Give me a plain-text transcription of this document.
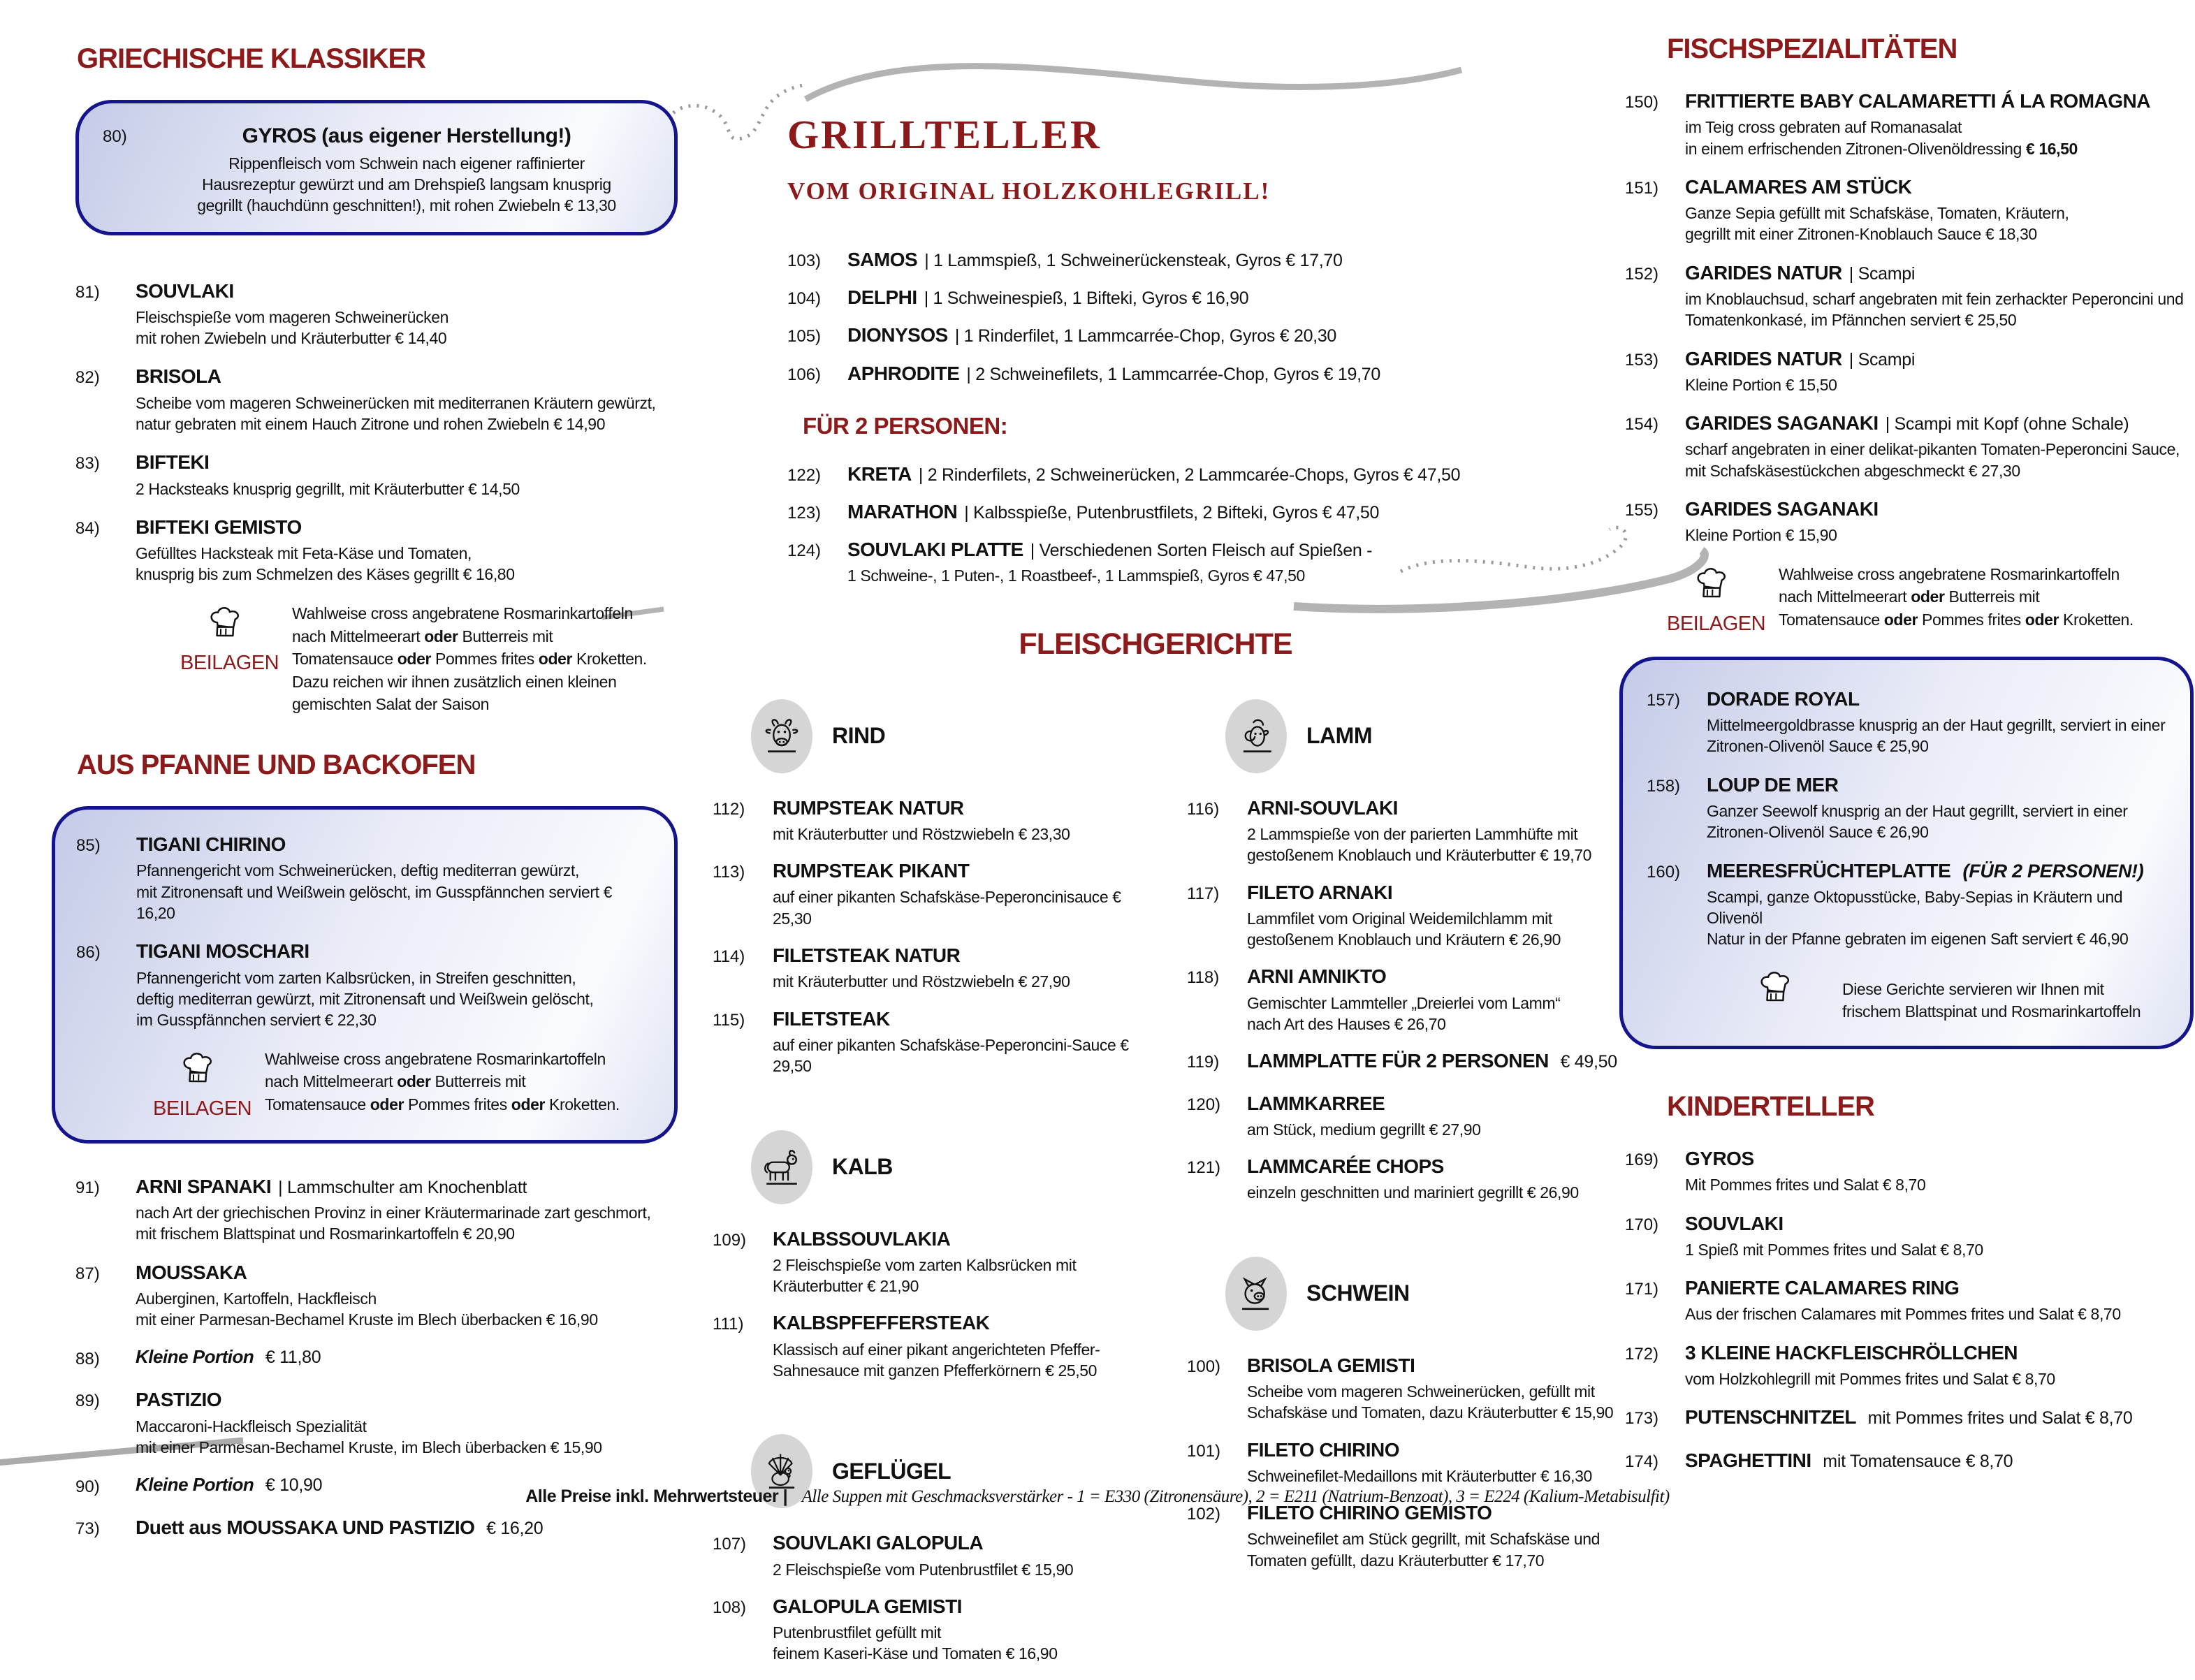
GRIECHISCHE KLASSIKER
80)	GYROS (aus eigener Herstellung!)
Rippenfleisch vom Schwein nach eigener raffinierter
Hausrezeptur gewürzt und am Drehspieß langsam knusprig
gegrillt (hauchdünn geschnitten!), mit rohen Zwiebeln € 13,30
81)	SOUVLAKI
Fleischspieße vom mageren Schweinerücken
mit rohen Zwiebeln und Kräuterbutter € 14,40
82)	BRISOLA
Scheibe vom mageren Schweinerücken mit mediterranen Kräutern gewürzt,
natur gebraten mit einem Hauch Zitrone und rohen Zwiebeln € 14,90
83)	BIFTEKI
2 Hacksteaks knusprig gegrillt, mit Kräuterbutter € 14,50
84)	BIFTEKI GEMISTO
Gefülltes Hacksteak mit Feta-Käse und Tomaten,
knusprig bis zum Schmelzen des Käses gegrillt € 16,80
BEILAGEN
Wahlweise cross angebratene Rosmarinkartoffeln
nach Mittelmeerart oder Butterreis mit
Tomatensauce oder Pommes frites oder Kroketten.
Dazu reichen wir ihnen zusätzlich einen kleinen
gemischten Salat der Saison
AUS PFANNE UND BACKOFEN
85)	TIGANI CHIRINO
Pfannengericht vom Schweinerücken, deftig mediterran gewürzt,
mit Zitronensaft und Weißwein gelöscht, im Gusspfännchen serviert € 16,20
86)	TIGANI MOSCHARI
Pfannengericht vom zarten Kalbsrücken, in Streifen geschnitten,
deftig mediterran gewürzt, mit Zitronensaft und Weißwein gelöscht,
im Gusspfännchen serviert € 22,30
BEILAGEN
Wahlweise cross angebratene Rosmarinkartoffeln
nach Mittelmeerart oder Butterreis mit
Tomatensauce oder Pommes frites oder Kroketten.
91)	ARNI SPANAKI | Lammschulter am Knochenblatt
nach Art der griechischen Provinz in einer Kräutermarinade zart geschmort,
mit frischem Blattspinat und Rosmarinkartoffeln € 20,90
87)	MOUSSAKA
Auberginen, Kartoffeln, Hackfleisch
mit einer Parmesan-Bechamel Kruste im Blech überbacken € 16,90
88)	Kleine Portion € 11,80
89)	PASTIZIO
Maccaroni-Hackfleisch Spezialität
mit einer Parmesan-Bechamel Kruste, im Blech überbacken € 15,90
90)	Kleine Portion € 10,90
73)	Duett aus MOUSSAKA UND PASTIZIO € 16,20
GRILLTELLER
VOM ORIGINAL HOLZKOHLEGRILL!
103)	SAMOS | 1 Lammspieß, 1 Schweinerückensteak, Gyros € 17,70
104)	DELPHI | 1 Schweinespieß, 1 Bifteki, Gyros € 16,90
105)	DIONYSOS | 1 Rinderfilet, 1 Lammcarrée-Chop, Gyros € 20,30
106)	APHRODITE | 2 Schweinefilets, 1 Lammcarrée-Chop, Gyros € 19,70
FÜR 2 PERSONEN:
122)	KRETA | 2 Rinderfilets, 2 Schweinerücken, 2 Lammcarée-Chops, Gyros € 47,50
123)	MARATHON | Kalbsspieße, Putenbrustfilets, 2 Bifteki, Gyros € 47,50
124)	SOUVLAKI PLATTE | Verschiedenen Sorten Fleisch auf Spießen -
1 Schweine-, 1 Puten-, 1 Roastbeef-, 1 Lammspieß, Gyros € 47,50
FLEISCHGERICHTE
RIND
112)	RUMPSTEAK NATUR
mit Kräuterbutter und Röstzwiebeln € 23,30
113)	RUMPSTEAK PIKANT
auf einer pikanten Schafskäse-Peperoncinisauce € 25,30
114)	FILETSTEAK NATUR
mit Kräuterbutter und Röstzwiebeln € 27,90
115)	FILETSTEAK
auf einer pikanten Schafskäse-Peperoncini-Sauce € 29,50
KALB
109)	KALBSSOUVLAKIA
2 Fleischspieße vom zarten Kalbsrücken mit
Kräuterbutter € 21,90
111)	KALBSPFEFFERSTEAK
Klassisch auf einer pikant angerichteten Pfeffer-
Sahnesauce mit ganzen Pfefferkörnern € 25,50
GEFLÜGEL
107)	SOUVLAKI GALOPULA
2 Fleischspieße vom Putenbrustfilet € 15,90
108)	GALOPULA GEMISTI
Putenbrustfilet gefüllt mit
feinem Kaseri-Käse und Tomaten € 16,90
LAMM
116)	ARNI-SOUVLAKI
2 Lammspieße von der parierten Lammhüfte mit
gestoßenem Knoblauch und Kräuterbutter € 19,70
117)	FILETO ARNAKI
Lammfilet vom Original Weidemilchlamm mit
gestoßenem Knoblauch und Kräutern € 26,90
118)	ARNI AMNIKTO
Gemischter Lammteller „Dreierlei vom Lamm“
nach Art des Hauses € 26,70
119)	LAMMPLATTE FÜR 2 PERSONEN € 49,50
120)	LAMMKARREE
am Stück, medium gegrillt € 27,90
121)	LAMMCARÉE CHOPS
einzeln geschnitten und mariniert gegrillt € 26,90
SCHWEIN
100)	BRISOLA GEMISTI
Scheibe vom mageren Schweinerücken, gefüllt mit
Schafskäse und Tomaten, dazu Kräuterbutter € 15,90
101)	FILETO CHIRINO
Schweinefilet-Medaillons mit Kräuterbutter € 16,30
102)	FILETO CHIRINO GEMISTO
Schweinefilet am Stück gegrillt, mit Schafskäse und
Tomaten gefüllt, dazu Kräuterbutter € 17,70
FISCHSPEZIALITÄTEN
150)	FRITTIERTE BABY CALAMARETTI Á LA ROMAGNA
im Teig cross gebraten auf Romanasalat
in einem erfrischenden Zitronen-Olivenöldressing € 16,50
151)	CALAMARES AM STÜCK
Ganze Sepia gefüllt mit Schafskäse, Tomaten, Kräutern,
gegrillt mit einer Zitronen-Knoblauch Sauce € 18,30
152)	GARIDES NATUR | Scampi
im Knoblauchsud, scharf angebraten mit fein zerhackter Peperoncini und
Tomatenkonkasé, im Pfännchen serviert € 25,50
153)	GARIDES NATUR | Scampi
Kleine Portion € 15,50
154)	GARIDES SAGANAKI | Scampi mit Kopf (ohne Schale)
scharf angebraten in einer delikat-pikanten Tomaten-Peperoncini Sauce,
mit Schafskäsestückchen abgeschmeckt € 27,30
155)	GARIDES SAGANAKI
Kleine Portion € 15,90
BEILAGEN
Wahlweise cross angebratene Rosmarinkartoffeln
nach Mittelmeerart oder Butterreis mit
Tomatensauce oder Pommes frites oder Kroketten.
157)	DORADE ROYAL
Mittelmeergoldbrasse knusprig an der Haut gegrillt, serviert in einer
Zitronen-Olivenöl Sauce € 25,90
158)	LOUP DE MER
Ganzer Seewolf knusprig an der Haut gegrillt, serviert in einer
Zitronen-Olivenöl Sauce € 26,90
160)	MEERESFRÜCHTEPLATTE (FÜR 2 PERSONEN!)
Scampi, ganze Oktopusstücke, Baby-Sepias in Kräutern und Olivenöl
Natur in der Pfanne gebraten im eigenen Saft serviert € 46,90
Diese Gerichte servieren wir Ihnen mit
frischem Blattspinat und Rosmarinkartoffeln
KINDERTELLER
169)	GYROS
Mit Pommes frites und Salat € 8,70
170)	SOUVLAKI
1 Spieß mit Pommes frites und Salat € 8,70
171)	PANIERTE CALAMARES RING
Aus der frischen Calamares mit Pommes frites und Salat € 8,70
172)	3 KLEINE HACKFLEISCHRÖLLCHEN
vom Holzkohlegrill mit Pommes frites und Salat € 8,70
173)	PUTENSCHNITZEL mit Pommes frites und Salat € 8,70
174)	SPAGHETTINI mit Tomatensauce € 8,70
Alle Preise inkl. Mehrwertsteuer | Alle Suppen mit Geschmacksverstärker - 1 = E330 (Zitronensäure), 2 = E211 (Natrium-Benzoat), 3 = E224 (Kalium-Metabisulfit)
